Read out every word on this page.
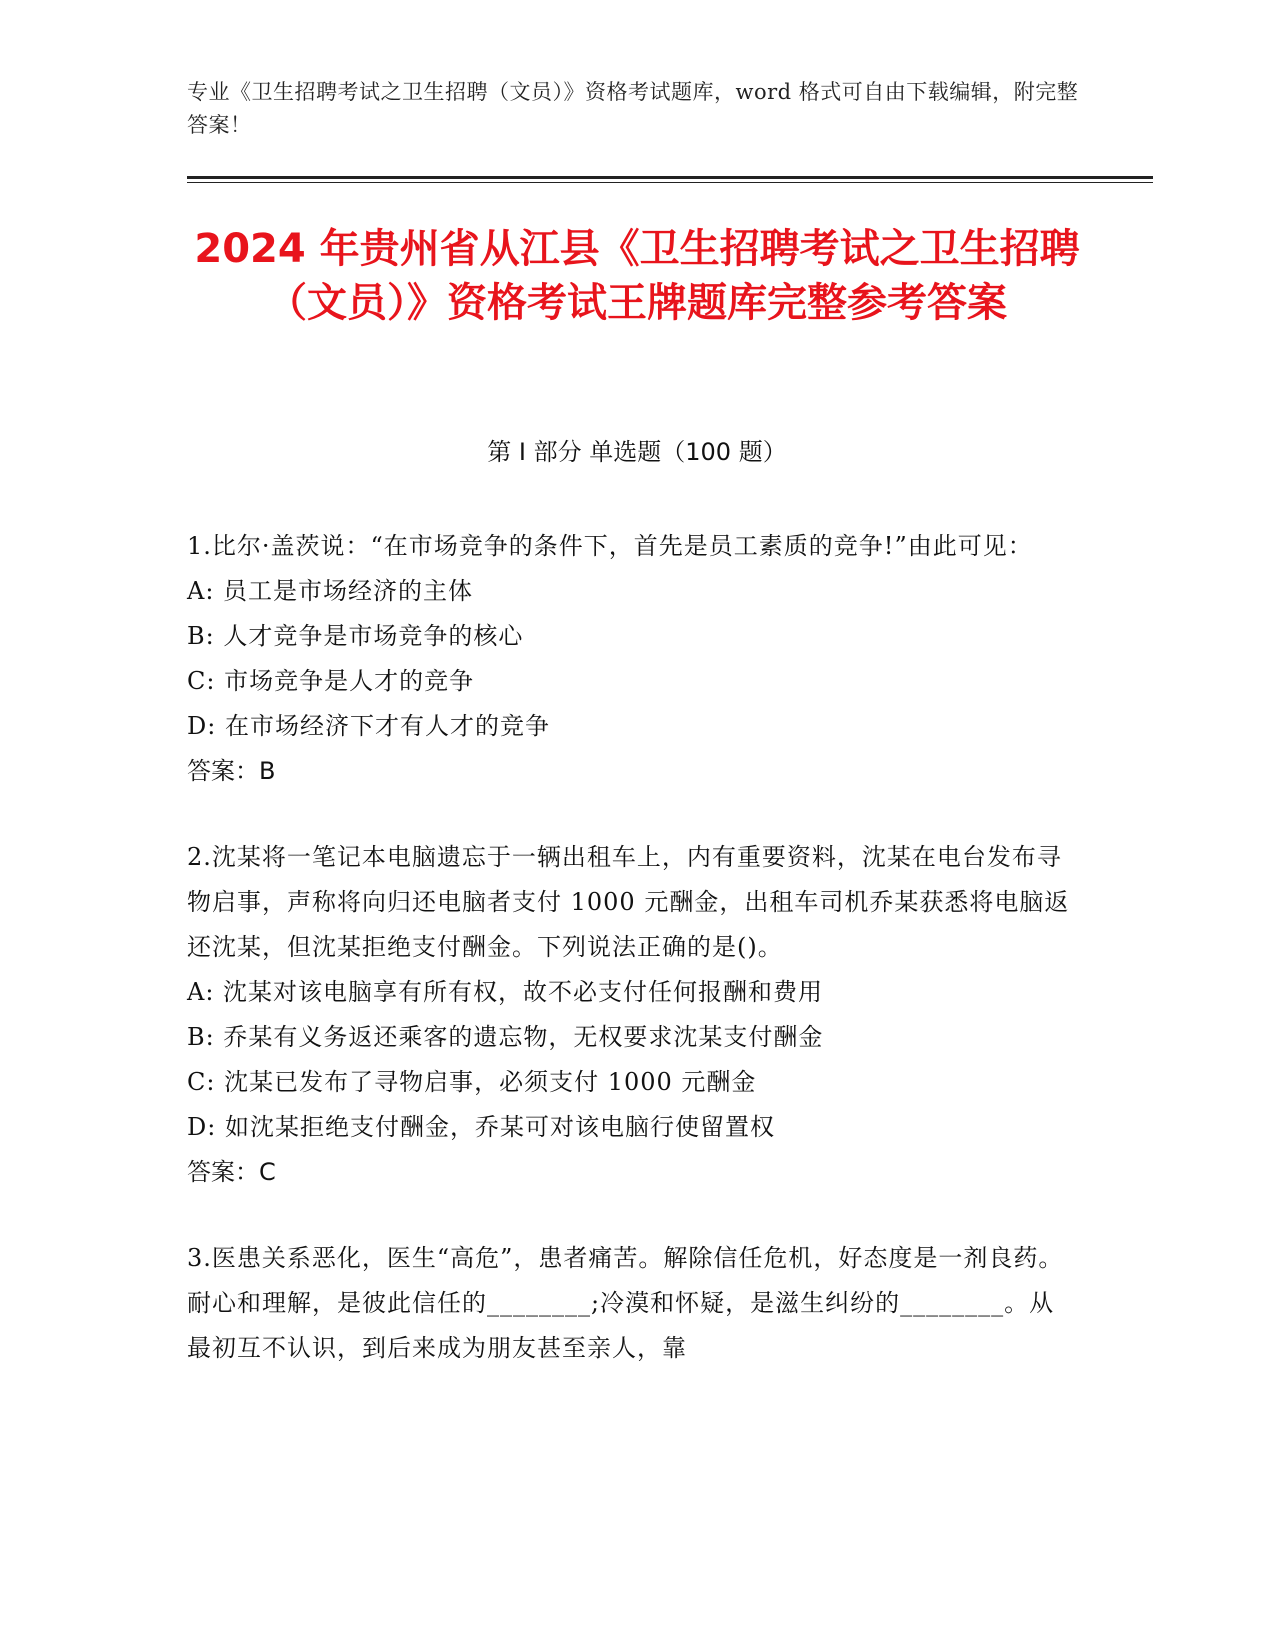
专业《卫生招聘考试之卫生招聘（文员）》资格考试题库，word 格式可自由下载编辑，附完整答案！
2024 年贵州省从江县《卫生招聘考试之卫生招聘（文员）》资格考试王牌题库完整参考答案
第 I 部分 单选题（100 题）

1.比尔·盖茨说：“在市场竞争的条件下，首先是员工素质的竞争!”由此可见：

A: 员工是市场经济的主体

B: 人才竞争是市场竞争的核心

C: 市场竞争是人才的竞争

D: 在市场经济下才有人才的竞争

答案：B

2.沈某将一笔记本电脑遗忘于一辆出租车上，内有重要资料，沈某在电台发布寻物启事，声称将向归还电脑者支付 1000 元酬金，出租车司机乔某获悉将电脑返还沈某，但沈某拒绝支付酬金。下列说法正确的是()。

A: 沈某对该电脑享有所有权，故不必支付任何报酬和费用

B: 乔某有义务返还乘客的遗忘物，无权要求沈某支付酬金

C: 沈某已发布了寻物启事，必须支付 1000 元酬金

D: 如沈某拒绝支付酬金，乔某可对该电脑行使留置权

答案：C

3.医患关系恶化，医生“高危”，患者痛苦。解除信任危机，好态度是一剂良药。耐心和理解，是彼此信任的________;冷漠和怀疑，是滋生纠纷的________。从最初互不认识，到后来成为朋友甚至亲人，靠
